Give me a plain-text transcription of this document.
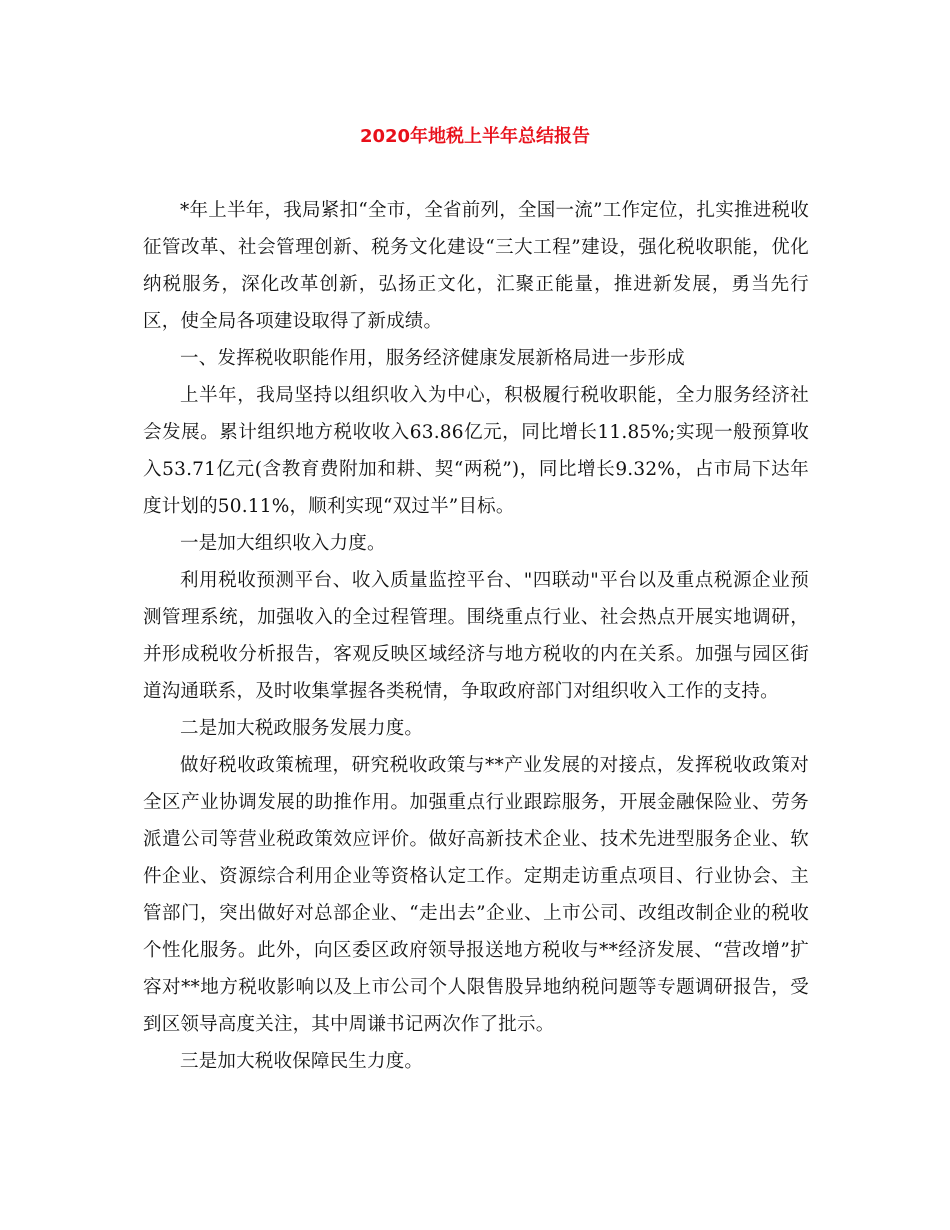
2020年地税上半年总结报告

*年上半年，我局紧扣“全市，全省前列，全国一流”工作定位，扎实推进税收征管改革、社会管理创新、税务文化建设“三大工程”建设，强化税收职能，优化纳税服务，深化改革创新，弘扬正文化，汇聚正能量，推进新发展，勇当先行区，使全局各项建设取得了新成绩。

一、发挥税收职能作用，服务经济健康发展新格局进一步形成

上半年，我局坚持以组织收入为中心，积极履行税收职能，全力服务经济社会发展。累计组织地方税收收入63.86亿元，同比增长11.85%;实现一般预算收入53.71亿元(含教育费附加和耕、契“两税”)，同比增长9.32%，占市局下达年度计划的50.11%，顺利实现“双过半”目标。

一是加大组织收入力度。

利用税收预测平台、收入质量监控平台、"四联动"平台以及重点税源企业预测管理系统，加强收入的全过程管理。围绕重点行业、社会热点开展实地调研，并形成税收分析报告，客观反映区域经济与地方税收的内在关系。加强与园区街道沟通联系，及时收集掌握各类税情，争取政府部门对组织收入工作的支持。

二是加大税政服务发展力度。

做好税收政策梳理，研究税收政策与**产业发展的对接点，发挥税收政策对全区产业协调发展的助推作用。加强重点行业跟踪服务，开展金融保险业、劳务派遣公司等营业税政策效应评价。做好高新技术企业、技术先进型服务企业、软件企业、资源综合利用企业等资格认定工作。定期走访重点项目、行业协会、主管部门，突出做好对总部企业、“走出去”企业、上市公司、改组改制企业的税收个性化服务。此外，向区委区政府领导报送地方税收与**经济发展、“营改增”扩容对**地方税收影响以及上市公司个人限售股异地纳税问题等专题调研报告，受到区领导高度关注，其中周谦书记两次作了批示。

三是加大税收保障民生力度。
